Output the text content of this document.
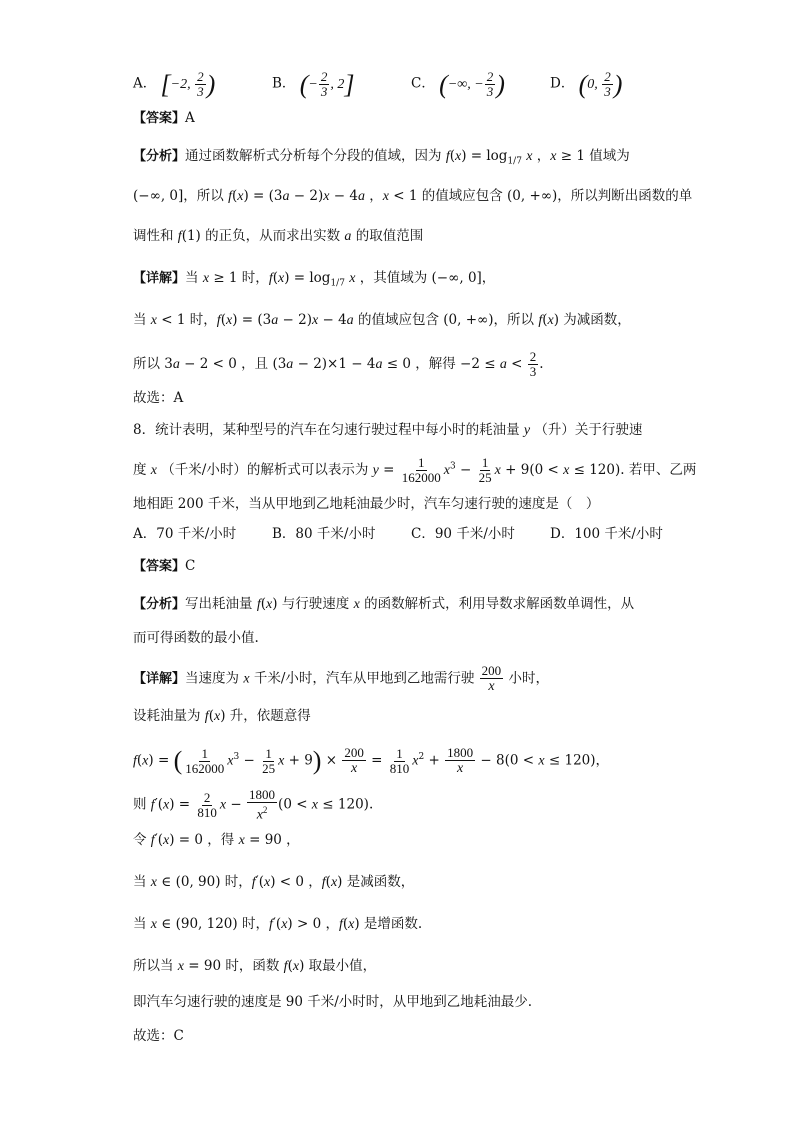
A． [−2, $\frac{2}{3}$ )	B． (− $\frac{2}{3}$ , 2]	C． (−∞, − $\frac{2}{3}$ )	D． (0, $\frac{2}{3}$ )
【答案】A
【分析】通过函数解析式分析每个分段的值域，因为 $f(x) = \log_{1/7} x$ ，x ≥ 1 值域为
(−∞, 0]，所以 f(x) = (3a − 2)x − 4a ，x < 1 的值域应包含 (0, +∞)，所以判断出函数的单
调性和 f(1) 的正负，从而求出实数 a 的取值范围
【详解】当 x ≥ 1 时，$f(x) = \log_{1/7} x$ ，其值域为 (−∞, 0]，
当 x < 1 时，f(x) = (3a − 2)x − 4a 的值域应包含 (0, +∞)，所以 f(x) 为减函数，
所以 3a − 2 < 0 ，且 (3a − 2)×1 − 4a ≤ 0 ，解得 $-2 \le a < \frac{2}{3}$ .
故选：A
8．统计表明，某种型号的汽车在匀速行驶过程中每小时的耗油量 y （升）关于行驶速
度 x （千米/小时）的解析式可以表示为 $y = \frac{1}{162000} x^3 - \frac{1}{25}$ x + 9(0 < x ≤ 120). 若甲、乙两
地相距 200 千米，当从甲地到乙地耗油最少时，汽车匀速行驶的速度是（　）
A．70 千米/小时	B．80 千米/小时	C．90 千米/小时	D．100 千米/小时
【答案】C
【分析】写出耗油量 f(x) 与行驶速度 x 的函数解析式，利用导数求解函数单调性，从
而可得函数的最小值.
【详解】当速度为 x 千米/小时，汽车从甲地到乙地需行驶 $\frac{200}{x}$ 小时，
设耗油量为 f(x) 升，依题意得
f(x) = ( $\frac{1}{162000} x^3 - \frac{1}{25}$ $x + 9) \times \frac{200}{x} = \frac{1}{810} x^2 + \frac{1800}{x} - 8(0 < x \le 120)$，
则 $f'(x) = \frac{2}{810}$ $x - \frac{1800}{x^2} (0 < x \le 120)$.
令 f′(x) = 0 ，得 x = 90 ，
当 x ∈ (0, 90) 时，f′(x) < 0 ，f(x) 是减函数，
当 x ∈ (90, 120) 时，f′(x) > 0 ，f(x) 是增函数.
所以当 x = 90 时，函数 f(x) 取最小值，
即汽车匀速行驶的速度是 90 千米/小时时，从甲地到乙地耗油最少.
故选：C
